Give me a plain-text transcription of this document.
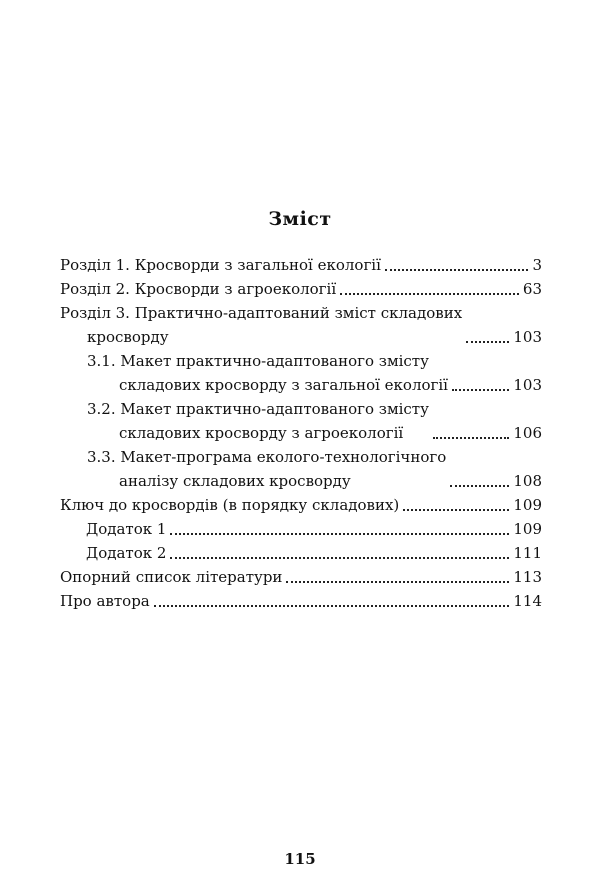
Зміст
Розділ 1. Кросворди з загальної екології	3
Розділ 2. Кросворди з агроекології	63
Розділ 3. Практично-адаптований зміст складових
кросворду	103
3.1. Макет практично-адаптованого змісту
складових кросворду з загальної екології	103
3.2. Макет практично-адаптованого змісту
складових кросворду з агроекології	106
3.3. Макет-програма еколого-технологічного
аналізу складових кросворду	108
Ключ до кросвордів (в порядку складових)	109
Додаток 1	109
Додаток 2	111
Опорний список літератури	113
Про автора	114
115
